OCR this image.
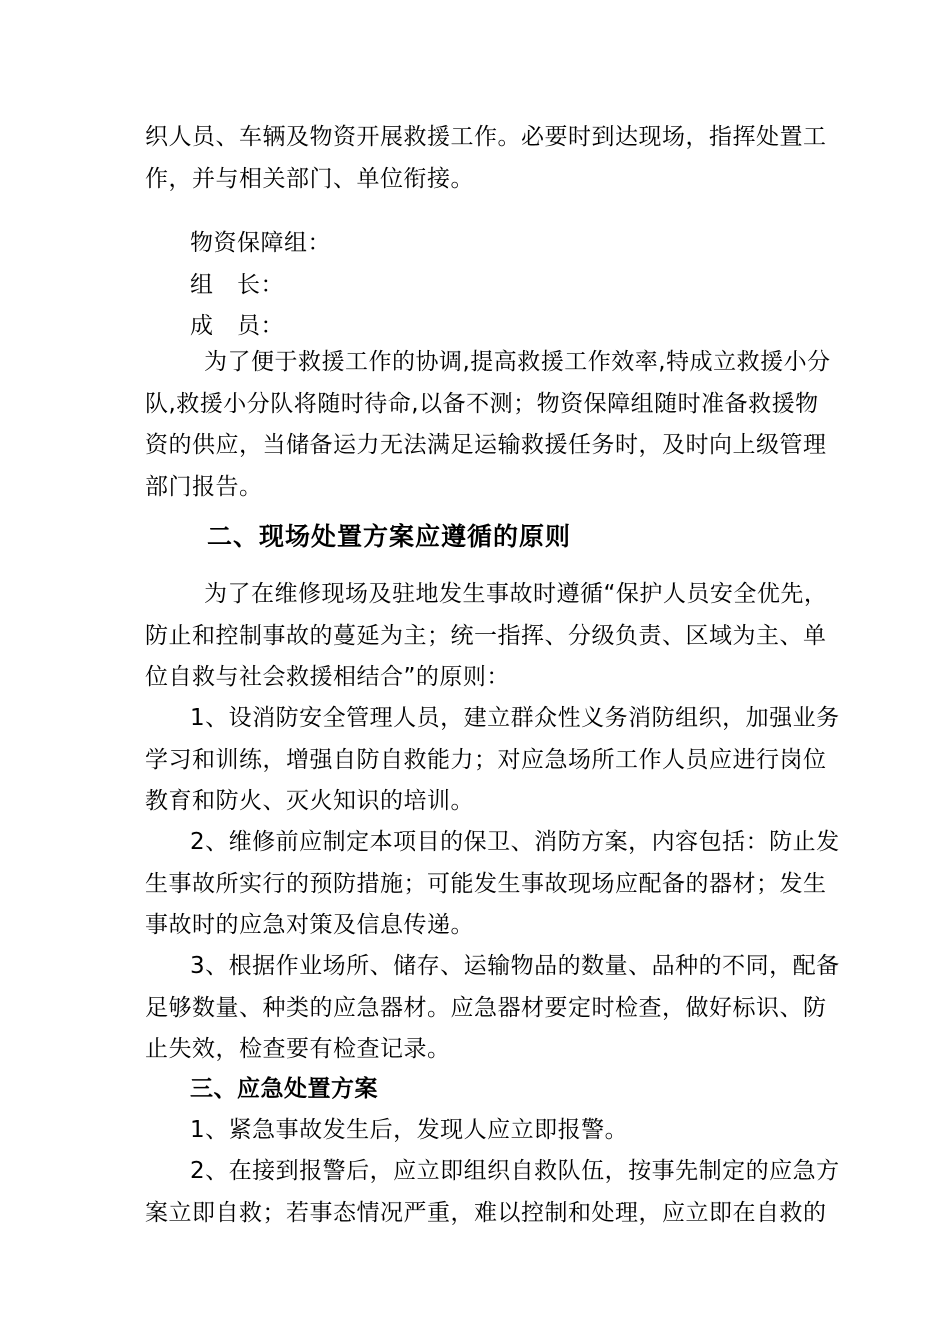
织人员、车辆及物资开展救援工作。必要时到达现场，指挥处置工
作，并与相关部门、单位衔接。
物资保障组：
组　长：
成　员：
为了便于救援工作的协调,提高救援工作效率,特成立救援小分
队,救援小分队将随时待命,以备不测；物资保障组随时准备救援物
资的供应，当储备运力无法满足运输救援任务时，及时向上级管理
部门报告。
二、现场处置方案应遵循的原则
为了在维修现场及驻地发生事故时遵循“保护人员安全优先，
防止和控制事故的蔓延为主；统一指挥、分级负责、区域为主、单
位自救与社会救援相结合”的原则：
1、设消防安全管理人员，建立群众性义务消防组织，加强业务
学习和训练，增强自防自救能力；对应急场所工作人员应进行岗位
教育和防火、灭火知识的培训。
2、维修前应制定本项目的保卫、消防方案，内容包括：防止发
生事故所实行的预防措施；可能发生事故现场应配备的器材；发生
事故时的应急对策及信息传递。
3、根据作业场所、储存、运输物品的数量、品种的不同，配备
足够数量、种类的应急器材。应急器材要定时检查，做好标识、防
止失效，检查要有检查记录。
三、应急处置方案
1、紧急事故发生后，发现人应立即报警。
2、在接到报警后，应立即组织自救队伍，按事先制定的应急方
案立即自救；若事态情况严重，难以控制和处理，应立即在自救的
